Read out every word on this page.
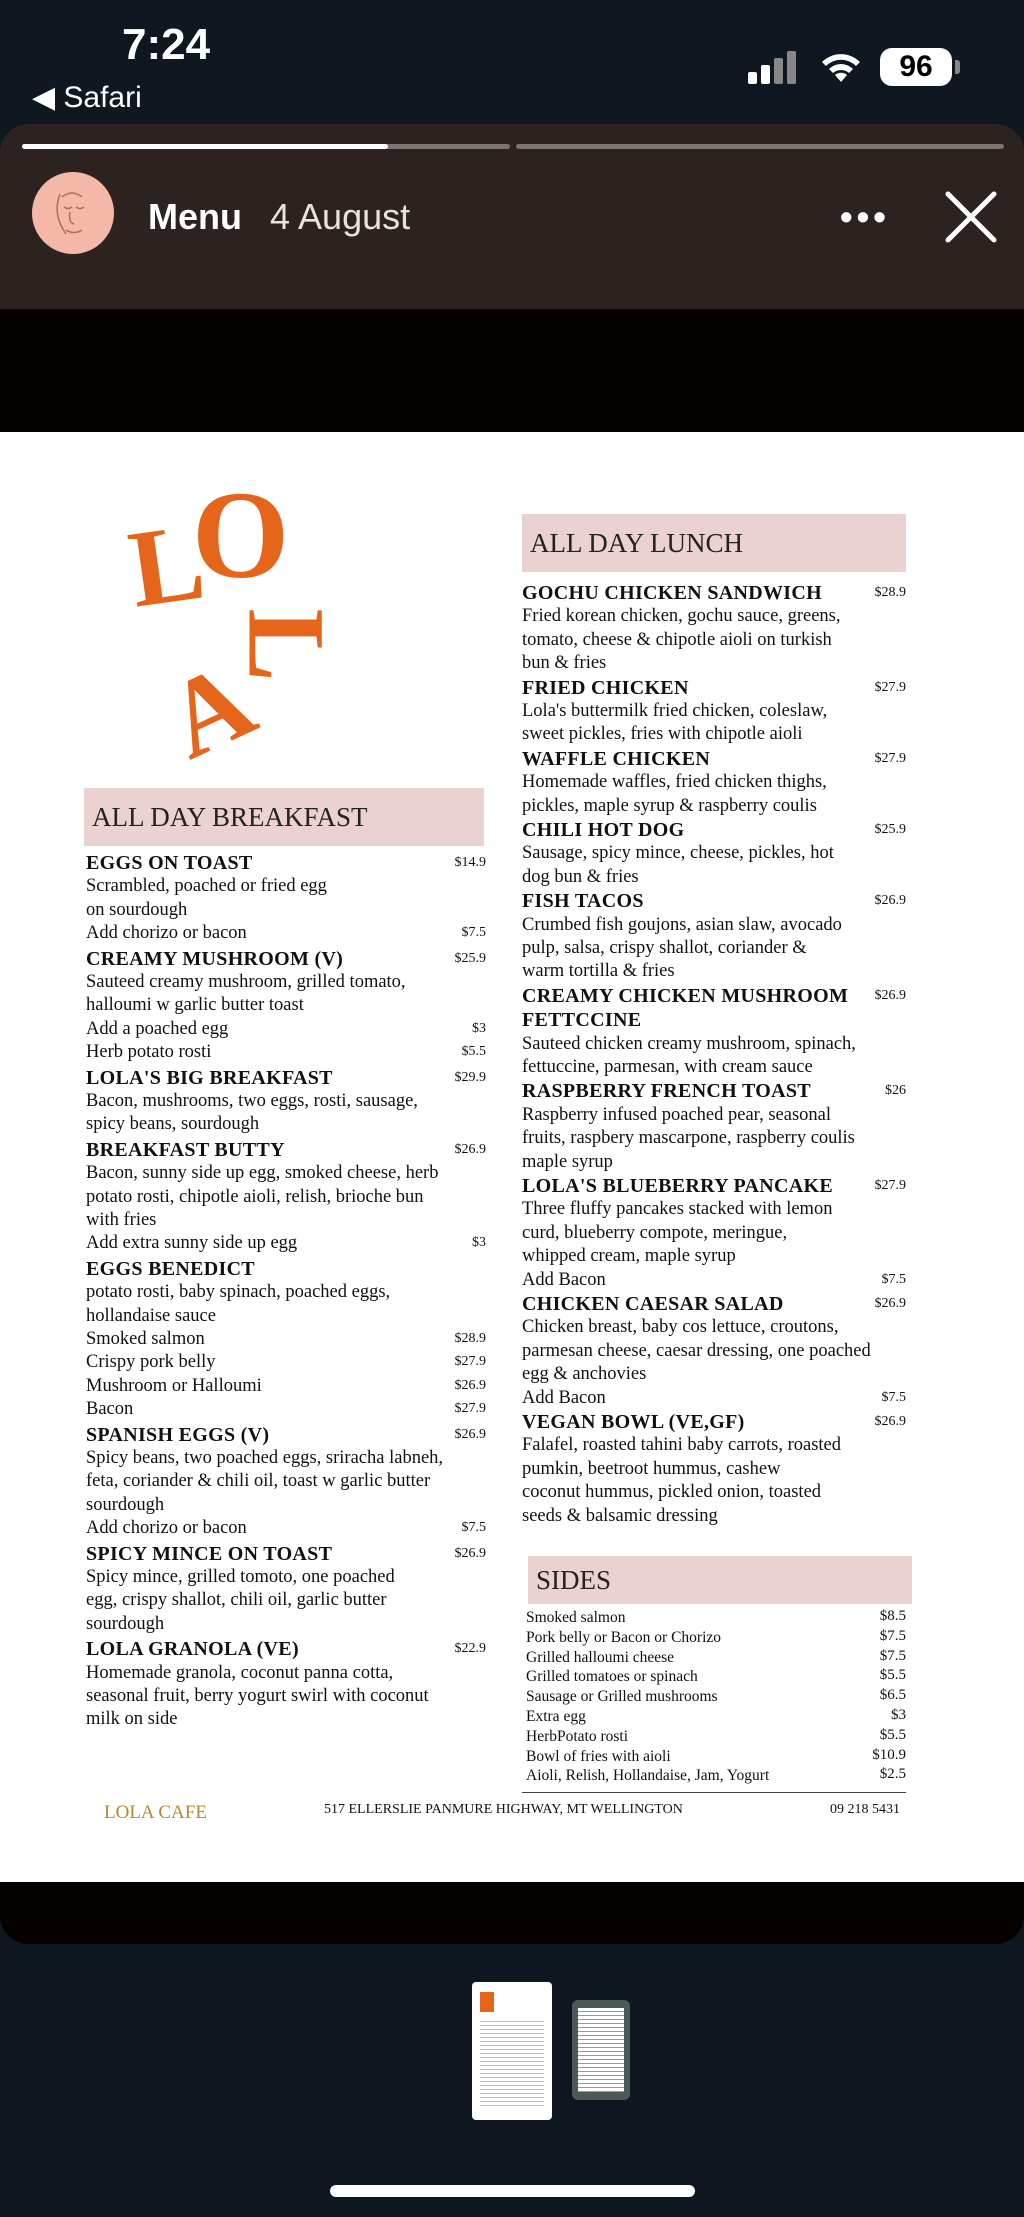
7:24
◀ Safari
96
Menu 4 August	•••
L
O
L
A
ALL DAY BREAKFAST
ALL DAY LUNCH
SIDES
EGGS ON TOAST	$14.9
Scrambled, poached or fried egg
on sourdough
Add chorizo or bacon	$7.5
CREAMY MUSHROOM (V)	$25.9
Sauteed creamy mushroom, grilled tomato,
halloumi w garlic butter toast
Add a poached egg	$3
Herb potato rosti	$5.5
LOLA'S BIG BREAKFAST	$29.9
Bacon, mushrooms, two eggs, rosti, sausage,
spicy beans, sourdough
BREAKFAST BUTTY	$26.9
Bacon, sunny side up egg, smoked cheese, herb
potato rosti, chipotle aioli, relish, brioche bun
with fries
Add extra sunny side up egg	$3
EGGS BENEDICT
potato rosti, baby spinach, poached eggs,
hollandaise sauce
Smoked salmon	$28.9
Crispy pork belly	$27.9
Mushroom or Halloumi	$26.9
Bacon	$27.9
SPANISH EGGS (V)	$26.9
Spicy beans, two poached eggs, sriracha labneh,
feta, coriander & chili oil, toast w garlic butter
sourdough
Add chorizo or bacon	$7.5
SPICY MINCE ON TOAST	$26.9
Spicy mince, grilled tomoto, one poached
egg, crispy shallot, chili oil, garlic butter
sourdough
LOLA GRANOLA (VE)	$22.9
Homemade granola, coconut panna cotta,
seasonal fruit, berry yogurt swirl with coconut
milk on side
GOCHU CHICKEN SANDWICH	$28.9
Fried korean chicken, gochu sauce, greens,
tomato, cheese & chipotle aioli on turkish
bun & fries
FRIED CHICKEN	$27.9
Lola's buttermilk fried chicken, coleslaw,
sweet pickles, fries with chipotle aioli
WAFFLE CHICKEN	$27.9
Homemade waffles, fried chicken thighs,
pickles, maple syrup & raspberry coulis
CHILI HOT DOG	$25.9
Sausage, spicy mince, cheese, pickles, hot
dog bun & fries
FISH TACOS	$26.9
Crumbed fish goujons, asian slaw, avocado
pulp, salsa, crispy shallot, coriander &
warm tortilla & fries
CREAMY CHICKEN MUSHROOM	$26.9
FETTCCINE
Sauteed chicken creamy mushroom, spinach,
fettuccine, parmesan, with cream sauce
RASPBERRY FRENCH TOAST	$26
Raspberry infused poached pear, seasonal
fruits, raspbery mascarpone, raspberry coulis
maple syrup
LOLA'S BLUEBERRY PANCAKE	$27.9
Three fluffy pancakes stacked with lemon
curd, blueberry compote, meringue,
whipped cream, maple syrup
Add Bacon	$7.5
CHICKEN CAESAR SALAD	$26.9
Chicken breast, baby cos lettuce, croutons,
parmesan cheese, caesar dressing, one poached
egg & anchovies
Add Bacon	$7.5
VEGAN BOWL (VE,GF)	$26.9
Falafel, roasted tahini baby carrots, roasted
pumkin, beetroot hummus, cashew
coconut hummus, pickled onion, toasted
seeds & balsamic dressing
Smoked salmon	$8.5
Pork belly or Bacon or Chorizo	$7.5
Grilled halloumi cheese	$7.5
Grilled tomatoes or spinach	$5.5
Sausage or Grilled mushrooms	$6.5
Extra egg	$3
HerbPotato rosti	$5.5
Bowl of fries with aioli	$10.9
Aioli, Relish, Hollandaise, Jam, Yogurt	$2.5
LOLA CAFE	517 ELLERSLIE PANMURE HIGHWAY, MT WELLINGTON	09 218 5431
